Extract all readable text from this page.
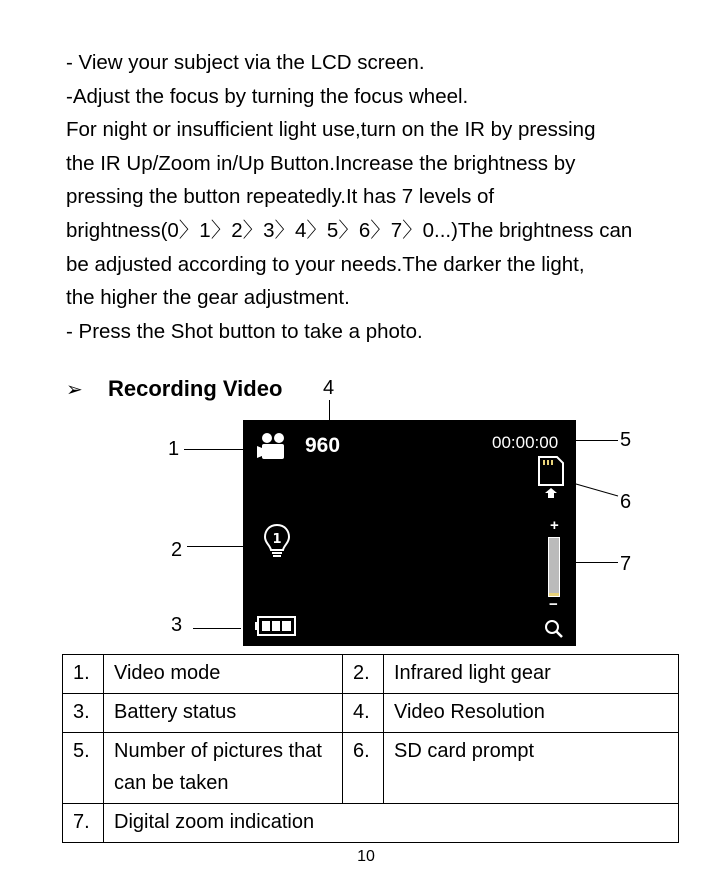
- View your subject via the LCD screen.
-Adjust the focus by turning the focus wheel.
For night or insufficient light use,turn on the IR by pressing
the IR Up/Zoom in/Up Button.Increase the brightness by
pressing the button repeatedly.It has 7 levels of
brightness(0〉1〉2〉3〉4〉5〉6〉7〉0...)The brightness can
be adjusted according to your needs.The darker the light,
the higher the gear adjustment.
- Press the Shot button to take a photo.
➢	Recording Video 4
1
2
3
5
6
7
960	00:00:00
1
+
−
1.	Video mode	2.	Infrared light gear
3.	Battery status	4.	Video Resolution
5.	Number of pictures that can be taken	6.	SD card prompt
7.	Digital zoom indication		
10
